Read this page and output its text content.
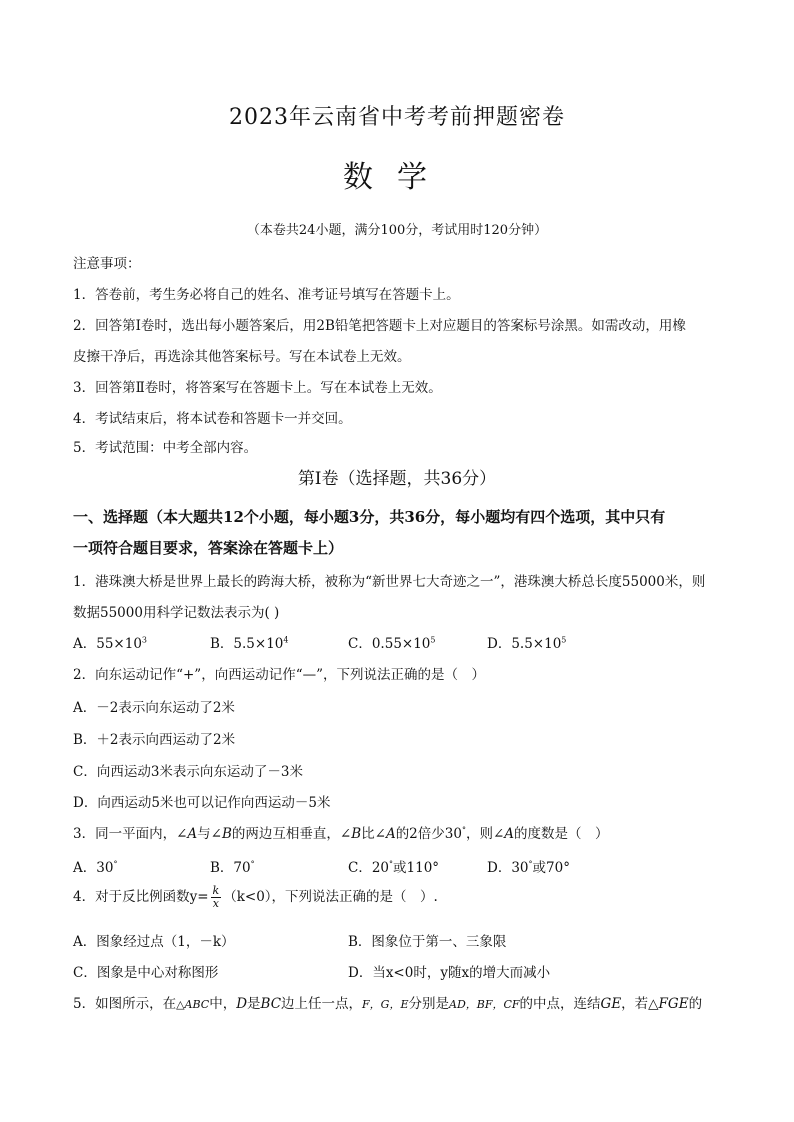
2023年云南省中考考前押题密卷
数学
（本卷共24小题，满分100分，考试用时120分钟）
注意事项：
1．答卷前，考生务必将自己的姓名、准考证号填写在答题卡上。
2．回答第Ⅰ卷时，选出每小题答案后，用2B铅笔把答题卡上对应题目的答案标号涂黑。如需改动，用橡
皮擦干净后，再选涂其他答案标号。写在本试卷上无效。
3．回答第Ⅱ卷时，将答案写在答题卡上。写在本试卷上无效。
4．考试结束后，将本试卷和答题卡一并交回。
5．考试范围：中考全部内容。
第Ⅰ卷（选择题，共36分）
一、选择题（本大题共12个小题，每小题3分，共36分，每小题均有四个选项，其中只有
一项符合题目要求，答案涂在答题卡上）
1．港珠澳大桥是世界上最长的跨海大桥，被称为“新世界七大奇迹之一”，港珠澳大桥总长度55000米，则
数据55000用科学记数法表示为( )
A．$55\times 10^3$	B．$5.5\times 10^4$	C．$0.55\times 10^5$	D．$5.5\times 10^5$
2．向东运动记作“+”，向西运动记作“—”，下列说法正确的是（　）
A．－2表示向东运动了2米
B．＋2表示向西运动了2米
C．向西运动3米表示向东运动了－3米
D．向西运动5米也可以记作向西运动－5米
3．同一平面内，∠A与∠B的两边互相垂直，∠B比∠A的2倍少30°，则∠A的度数是（　）
A．30°	B．70°	C．20°或110°	D．30°或70°
4．对于反比例函数$y= \frac{k}{x} (k<0)$，下列说法正确的是（　）.
A．图象经过点（1，－k）	B．图象位于第一、三象限
C．图象是中心对称图形	D．当x<0时，y随x的增大而减小
5．如图所示，在△ABC中，D是BC边上任一点，F，G，E分别是AD，BF，CF的中点，连结GE，若△FGE的
